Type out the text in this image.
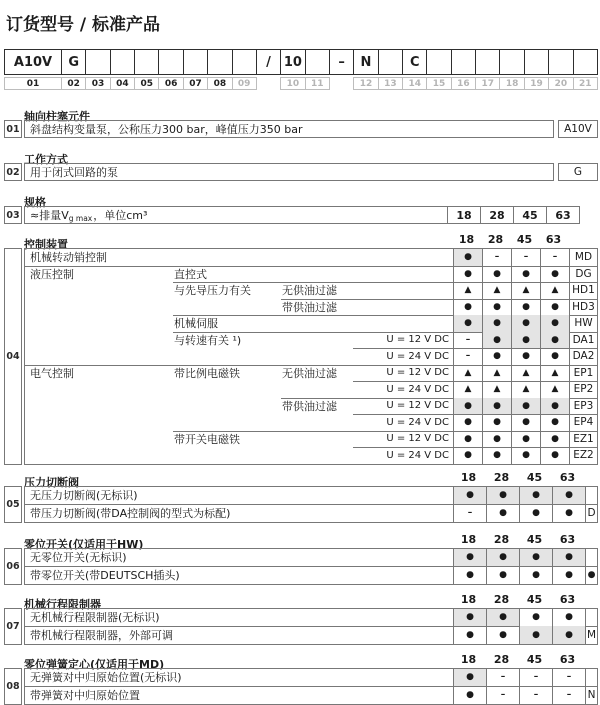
订货型号 / 标准产品
A10V	G	/ 10	–	N	C
01	02	03	04	05	06	07	08	09	10	11	12	13	14	15	16	17	18	19	20	21
轴向柱塞元件
01 斜盘结构变量泵，公称压力300 bar，峰值压力350 bar	A10V
工作方式
02 用于闭式回路的泵	G
规格
03 ≈排量V g max ，单位cm³	18	28	45	63
控制装置	18	28	45	63
04
机械转动销控制	●	–	–	–	MD
液压控制	直控式	●	●	●	●	DG
与先导压力有关	无供油过滤	▲	▲	▲	▲	HD1
带供油过滤	●	●	●	●	HD3
机械伺服	●	●	●	●	HW
与转速有关 ¹)	U = 12 V DC	–	●	●	●	DA1
U = 24 V DC	–	●	●	●	DA2
电气控制	带比例电磁铁	无供油过滤	U = 12 V DC	▲	▲	▲	▲	EP1
U = 24 V DC	▲	▲	▲	▲	EP2
带供油过滤	U = 12 V DC	●	●	●	●	EP3
U = 24 V DC	●	●	●	●	EP4
带开关电磁铁	U = 12 V DC	●	●	●	●	EZ1
U = 24 V DC	●	●	●	●	EZ2
压力切断阀	18	28	45	63
05
无压力切断阀(无标识)	●	●	●	●
带压力切断阀(带DA控制阀的型式为标配)	–	●	●	●	D
零位开关(仅适用于HW)	18	28	45	63
06
无零位开关(无标识)	●	●	●	●
带零位开关(带DEUTSCH插头)	●	●	●	●	●
机械行程限制器	18	28	45	63
07
无机械行程限制器(无标识)	●	●	●	●
带机械行程限制器，外部可调	●	●	●	●	M
零位弹簧定心(仅适用于MD)	18	28	45	63
08
无弹簧对中归原始位置(无标识)	●	–	–	–
带弹簧对中归原始位置	●	–	–	–	N
